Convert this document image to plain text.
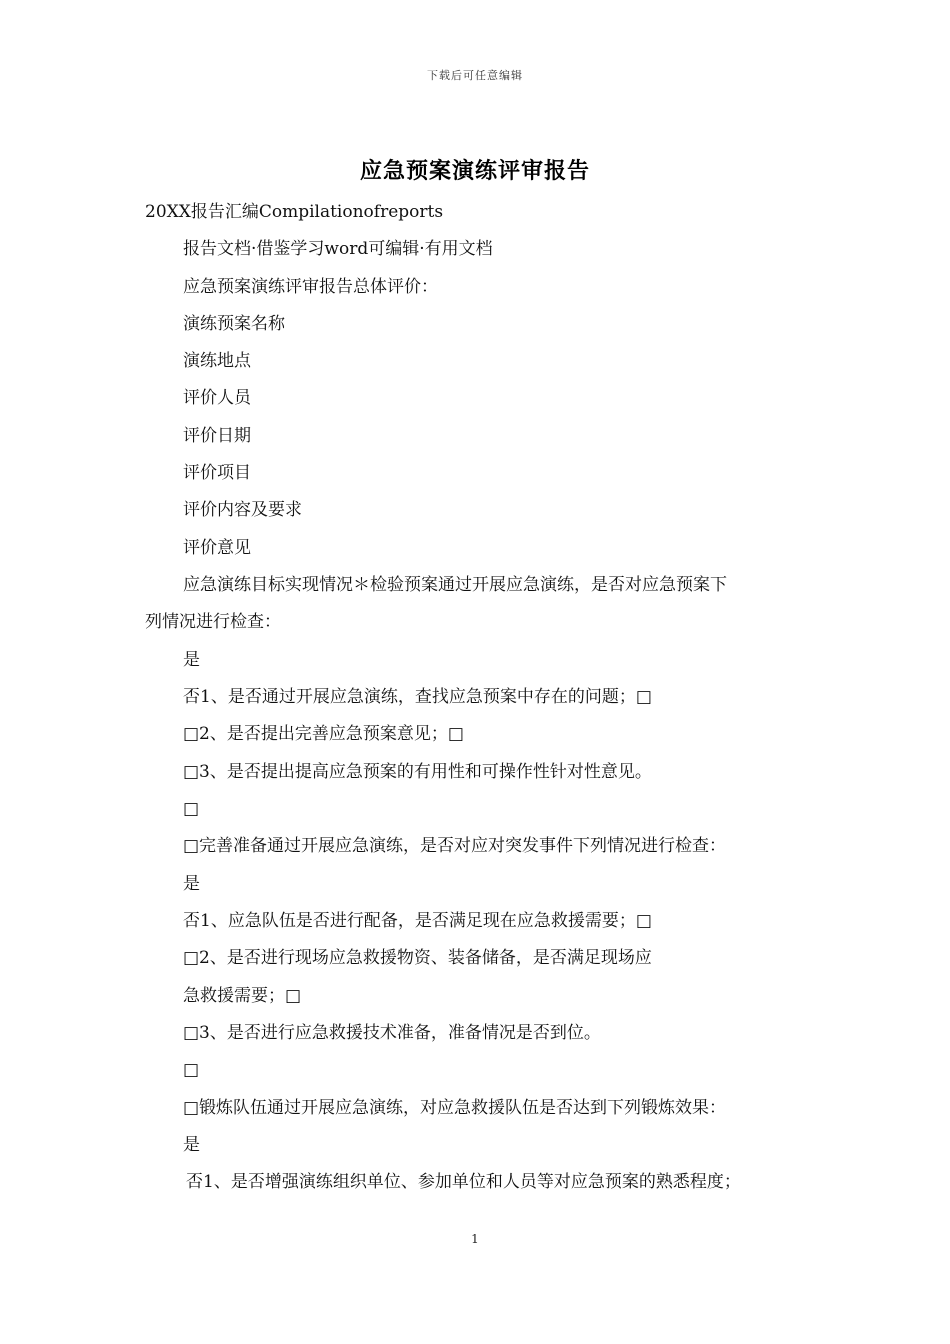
下载后可任意编辑
应急预案演练评审报告
20XX报告汇编Compilationofreports
报告文档·借鉴学习word可编辑·有用文档
应急预案演练评审报告总体评价：
演练预案名称
演练地点
评价人员
评价日期
评价项目
评价内容及要求
评价意见
应急演练目标实现情况＊检验预案通过开展应急演练，是否对应急预案下
列情况进行检查：
是
否1、是否通过开展应急演练，查找应急预案中存在的问题；□
□2、是否提出完善应急预案意见；□
□3、是否提出提高应急预案的有用性和可操作性针对性意见。
□
□完善准备通过开展应急演练，是否对应对突发事件下列情况进行检查：
是
否1、应急队伍是否进行配备，是否满足现在应急救援需要；□
□2、是否进行现场应急救援物资、装备储备，是否满足现场应
急救援需要；□
□3、是否进行应急救援技术准备，准备情况是否到位。
□
□锻炼队伍通过开展应急演练，对应急救援队伍是否达到下列锻炼效果：
是
否1、是否增强演练组织单位、参加单位和人员等对应急预案的熟悉程度；
1
